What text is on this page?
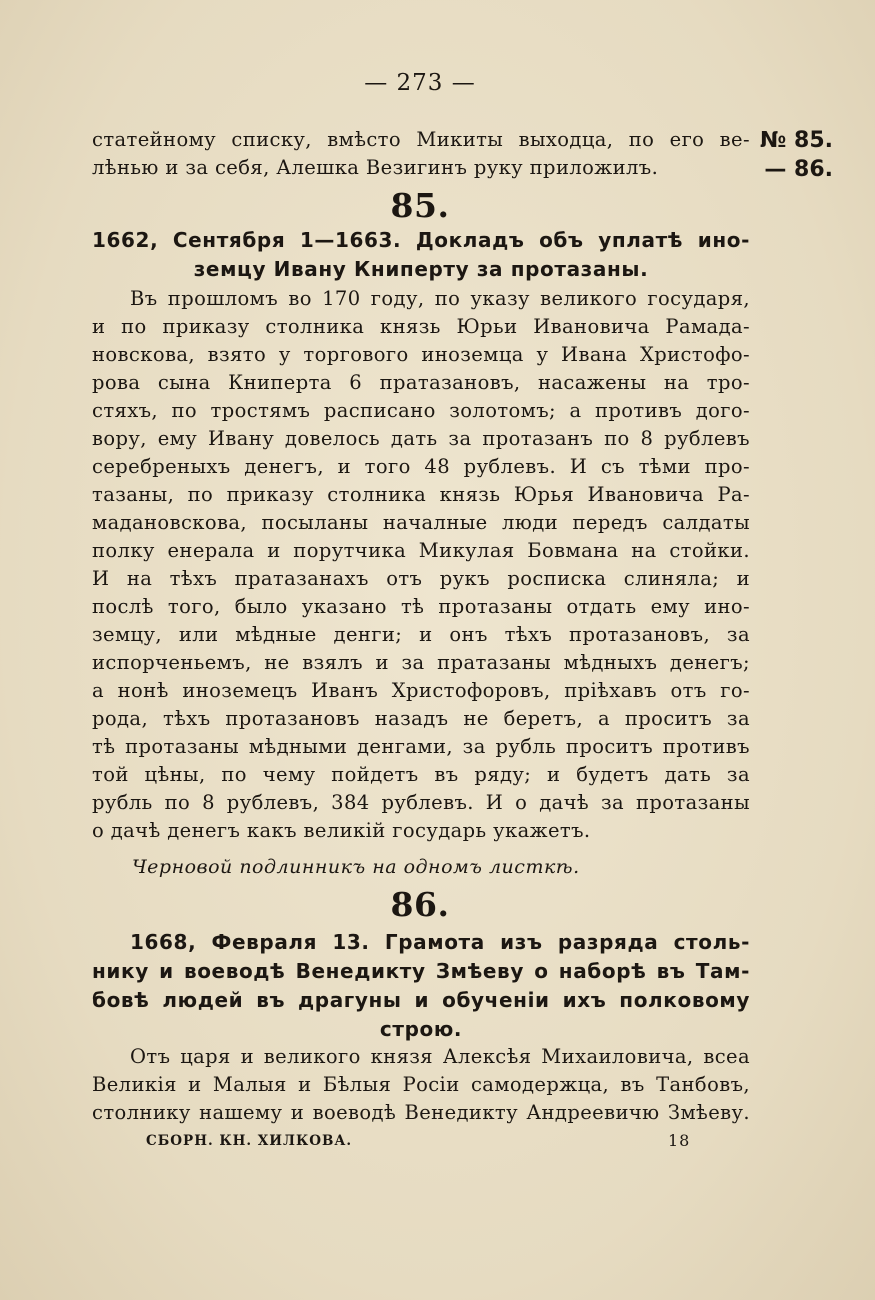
— 273 —
№ 85.
— 86.
статейному списку, вмѣсто Микиты выходца, по его ве-
лѣнью и за себя, Алешка Везигинъ руку приложилъ.
85.
1662, Сентября 1—1663. Докладъ объ уплатѣ ино-
земцу Ивану Книперту за протазаны.
Въ прошломъ во 170 году, по указу великого государя,
и по приказу столника князь Юрьи Ивановича Рамада-
новскова, взято у торгового иноземца у Ивана Христофо-
рова сына Книперта 6 пратазановъ, насажены на тро-
стяхъ, по тростямъ расписано золотомъ; а противъ дого-
вору, ему Ивану довелось дать за протазанъ по 8 рублевъ
серебреныхъ денегъ, и того 48 рублевъ. И съ тѣми про-
тазаны, по приказу столника князь Юрья Ивановича Ра-
мадановскова, посыланы началные люди передъ салдаты
полку енерала и порутчика Микулая Бовмана на стойки.
И на тѣхъ пратазанахъ отъ рукъ росписка слиняла; и
послѣ того, было указано тѣ протазаны отдать ему ино-
земцу, или мѣдные денги; и онъ тѣхъ протазановъ, за
испорченьемъ, не взялъ и за пратазаны мѣдныхъ денегъ;
а нонѣ иноземецъ Иванъ Христофоровъ, пріѣхавъ отъ го-
рода, тѣхъ протазановъ назадъ не беретъ, а проситъ за
тѣ протазаны мѣдными денгами, за рубль проситъ противъ
той цѣны, по чему пойдетъ въ ряду; и будетъ дать за
рубль по 8 рублевъ, 384 рублевъ. И о дачѣ за протазаны
о дачѣ денегъ какъ великій государь укажетъ.
Черновой подлинникъ на одномъ листкѣ.
86.
1668, Февраля 13. Грамота изъ разряда столь-
нику и воеводѣ Венедикту Змѣеву о наборѣ въ Там-
бовѣ людей въ драгуны и обученіи ихъ полковому
строю.
Отъ царя и великого князя Алексѣя Михаиловича, всеа
Великія и Малыя и Бѣлыя Росіи самодержца, въ Танбовъ,
столнику нашему и воеводѣ Венедикту Андреевичю Змѣеву.
СБОРН. КН. ХИЛКОВА.	18
